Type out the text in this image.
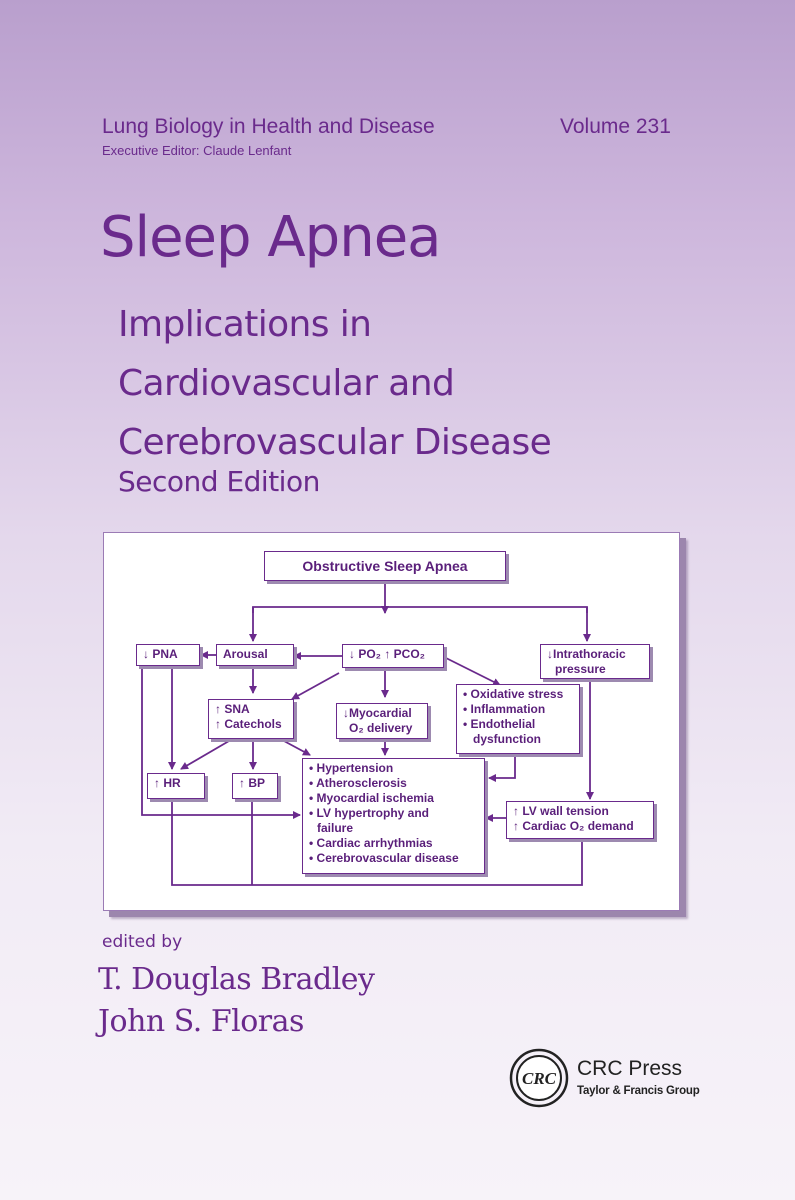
Lung Biology in Health and Disease	Volume 231
Executive Editor: Claude Lenfant
Sleep Apnea
Implications in
Cardiovascular and
Cerebrovascular Disease
Second Edition
Obstructive Sleep Apnea
↓ PNA	Arousal	↓ PO₂ ↑ PCO₂	↓Intrathoracic
pressure
↑ SNA
↑ Catechols
↓Myocardial
O₂ delivery
• Oxidative stress
• Inflammation
• Endothelial
dysfunction
↑ HR	↑ BP
• Hypertension
• Atherosclerosis
• Myocardial ischemia
• LV hypertrophy and
failure
• Cardiac arrhythmias
• Cerebrovascular disease
↑ LV wall tension
↑ Cardiac O₂ demand
edited by
T. Douglas Bradley
John S. Floras
CRC CRC Press
Taylor & Francis Group
